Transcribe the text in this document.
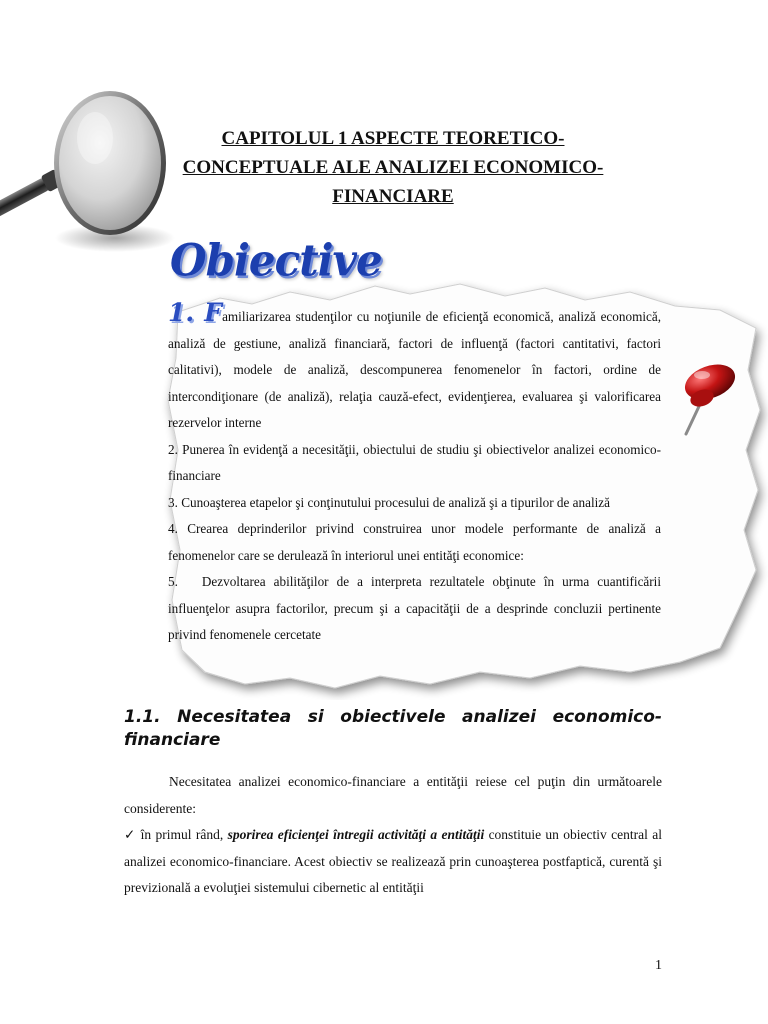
CAPITOLUL 1 ASPECTE TEORETICO-
CONCEPTUALE ALE ANALIZEI ECONOMICO-
FINANCIARE
Obiective
1. Familiarizarea studenţilor cu noţiunile de eficienţă economică, analiză economică, analiză de gestiune, analiză financiară, factori de influenţă (factori cantitativi, factori calitativi), modele de analiză, descompunerea fenomenelor în factori, ordine de intercondiţionare (de analiză), relaţia cauză-efect, evidenţierea, evaluarea şi valorificarea rezervelor interne
2. Punerea în evidenţă a necesităţii, obiectului de studiu şi obiectivelor analizei economico-financiare
3. Cunoaşterea etapelor şi conţinutului procesului de analiză şi a tipurilor de analiză
4. Crearea deprinderilor privind construirea unor modele performante de analiză a fenomenelor care se derulează în interiorul unei entităţi economice:
5. Dezvoltarea abilităţilor de a interpreta rezultatele obţinute în urma cuantificării influenţelor asupra factorilor, precum şi a capacităţii de a desprinde concluzii pertinente privind fenomenele cercetate
1.1. Necesitatea si obiectivele analizei economico-financiare
Necesitatea analizei economico-financiare a entităţii reiese cel puţin din următoarele considerente:
✓ în primul rând, sporirea eficienţei întregii activităţi a entităţii constituie un obiectiv central al analizei economico-financiare. Acest obiectiv se realizează prin cunoaşterea postfaptică, curentă şi previzională a evoluţiei sistemului cibernetic al entităţii
1
